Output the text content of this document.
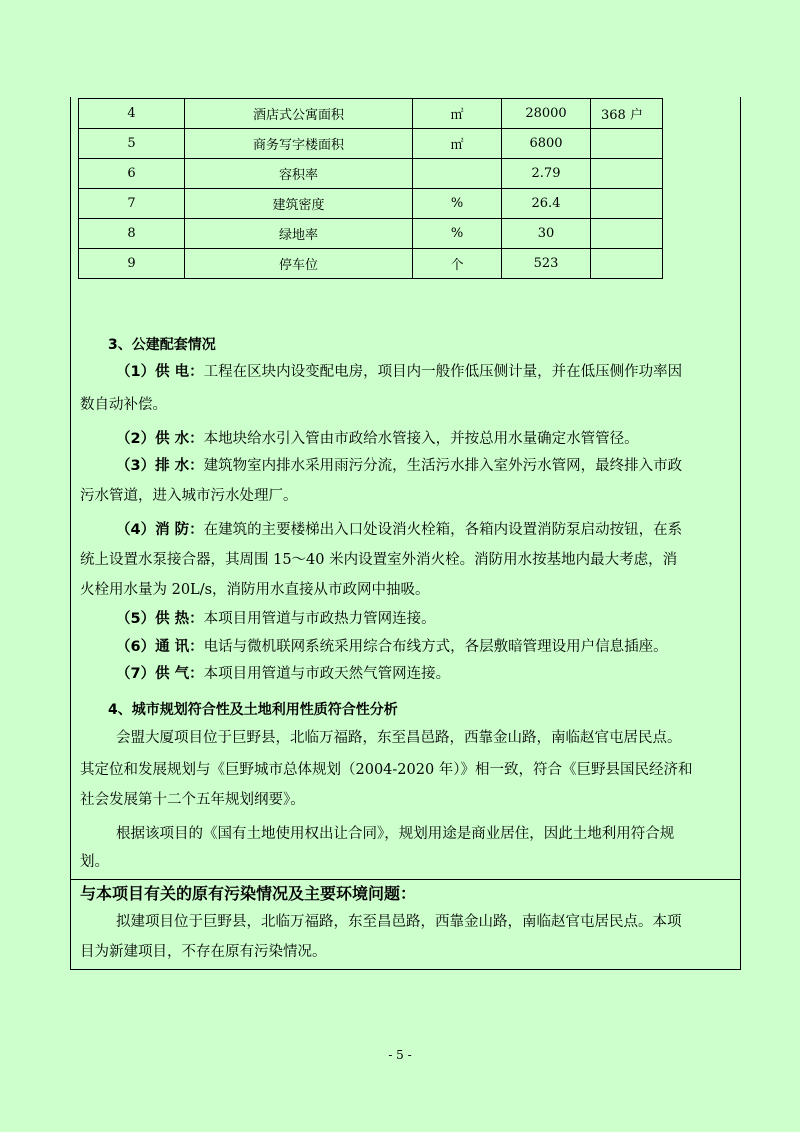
4	酒店式公寓面积	㎡	28000	368 户
5	商务写字楼面积	㎡	6800	
6	容积率		2.79	
7	建筑密度	%	26.4	
8	绿地率	%	30	
9	停车位	个	523	
3、公建配套情况
（1）供 电：工程在区块内设变配电房，项目内一般作低压侧计量，并在低压侧作功率因
数自动补偿。
（2）供 水：本地块给水引入管由市政给水管接入，并按总用水量确定水管管径。
（3）排 水：建筑物室内排水采用雨污分流，生活污水排入室外污水管网，最终排入市政
污水管道，进入城市污水处理厂。
（4）消 防：在建筑的主要楼梯出入口处设消火栓箱，各箱内设置消防泵启动按钮，在系
统上设置水泵接合器，其周围 15～40 米内设置室外消火栓。消防用水按基地内最大考虑，消
火栓用水量为 20L/s，消防用水直接从市政网中抽吸。
（5）供 热：本项目用管道与市政热力管网连接。
（6）通 讯：电话与微机联网系统采用综合布线方式，各层敷暗管理设用户信息插座。
（7）供 气：本项目用管道与市政天然气管网连接。
4、城市规划符合性及土地利用性质符合性分析
会盟大厦项目位于巨野县，北临万福路，东至昌邑路，西靠金山路，南临赵官屯居民点。
其定位和发展规划与《巨野城市总体规划（2004-2020 年）》相一致，符合《巨野县国民经济和
社会发展第十二个五年规划纲要》。
根据该项目的《国有土地使用权出让合同》，规划用途是商业居住，因此土地利用符合规
划。
与本项目有关的原有污染情况及主要环境问题：
拟建项目位于巨野县，北临万福路，东至昌邑路，西靠金山路，南临赵官屯居民点。本项
目为新建项目，不存在原有污染情况。
- 5 -
